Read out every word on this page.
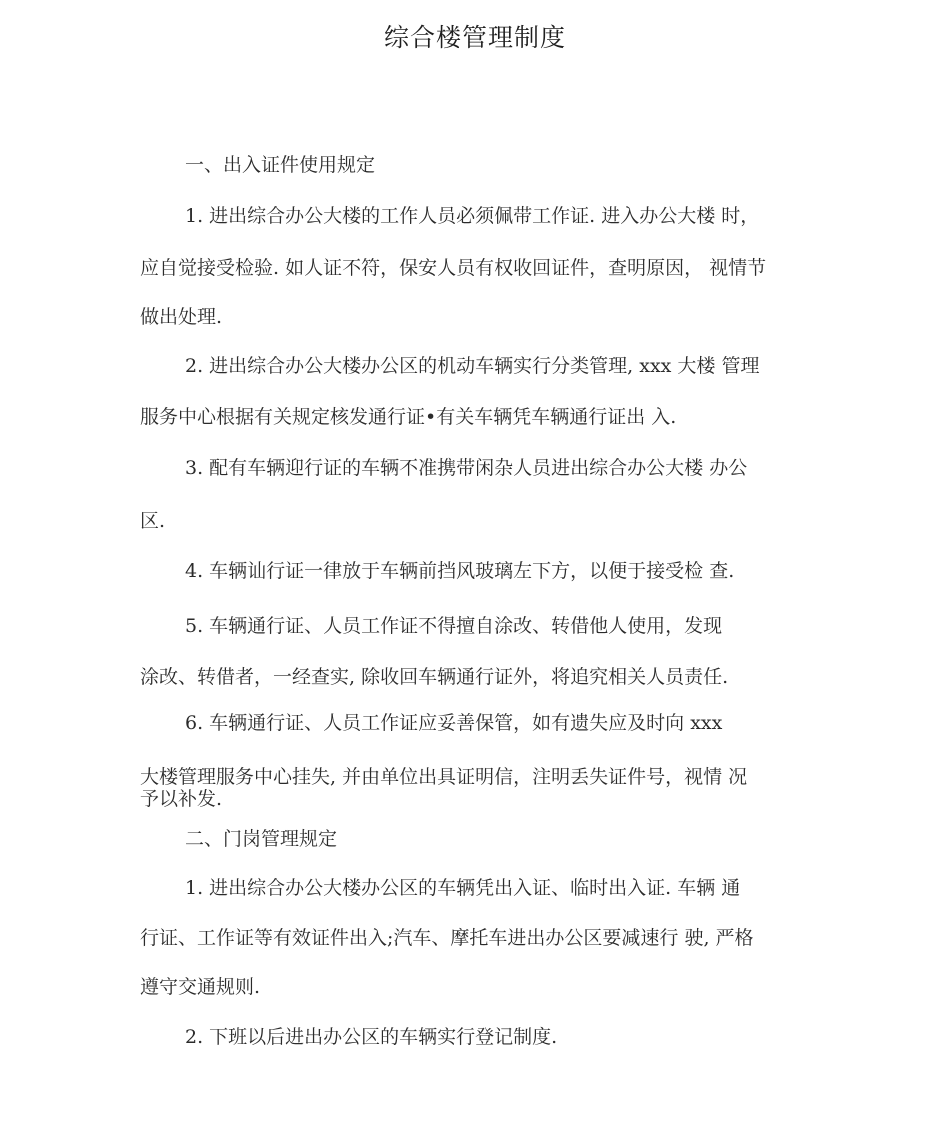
综合楼管理制度
一、出入证件使用规定
1. 进出综合办公大楼的工作人员必须佩带工作证. 进入办公大楼 时，
应自觉接受检验. 如人证不符，保安人员有权收回证件，查明原因， 视情节
做出处理.
2. 进出综合办公大楼办公区的机动车辆实行分类管理, xxx 大楼 管理
服务中心根据有关规定核发通行证•有关车辆凭车辆通行证出 入.
3. 配有车辆迎行证的车辆不准携带闲杂人员进出综合办公大楼 办公
区.
4. 车辆讪行证一律放于车辆前挡风玻璃左下方，以便于接受检 查.
5. 车辆通行证、人员工作证不得擅自涂改、转借他人使用，发现
涂改、转借者，一经查实, 除收回车辆通行证外，将追究相关人员责任.
6. 车辆通行证、人员工作证应妥善保管，如有遗失应及时向 xxx
大楼管理服务中心挂失, 并由单位出具证明信，注明丢失证件号，视情 况
予以补发.
二、门岗管理规定
1. 进出综合办公大楼办公区的车辆凭出入证、临时出入证. 车辆 通
行证、工作证等有效证件出入;汽车、摩托车进出办公区要减速行 驶, 严格
遵守交通规则.
2. 下班以后进出办公区的车辆实行登记制度.
